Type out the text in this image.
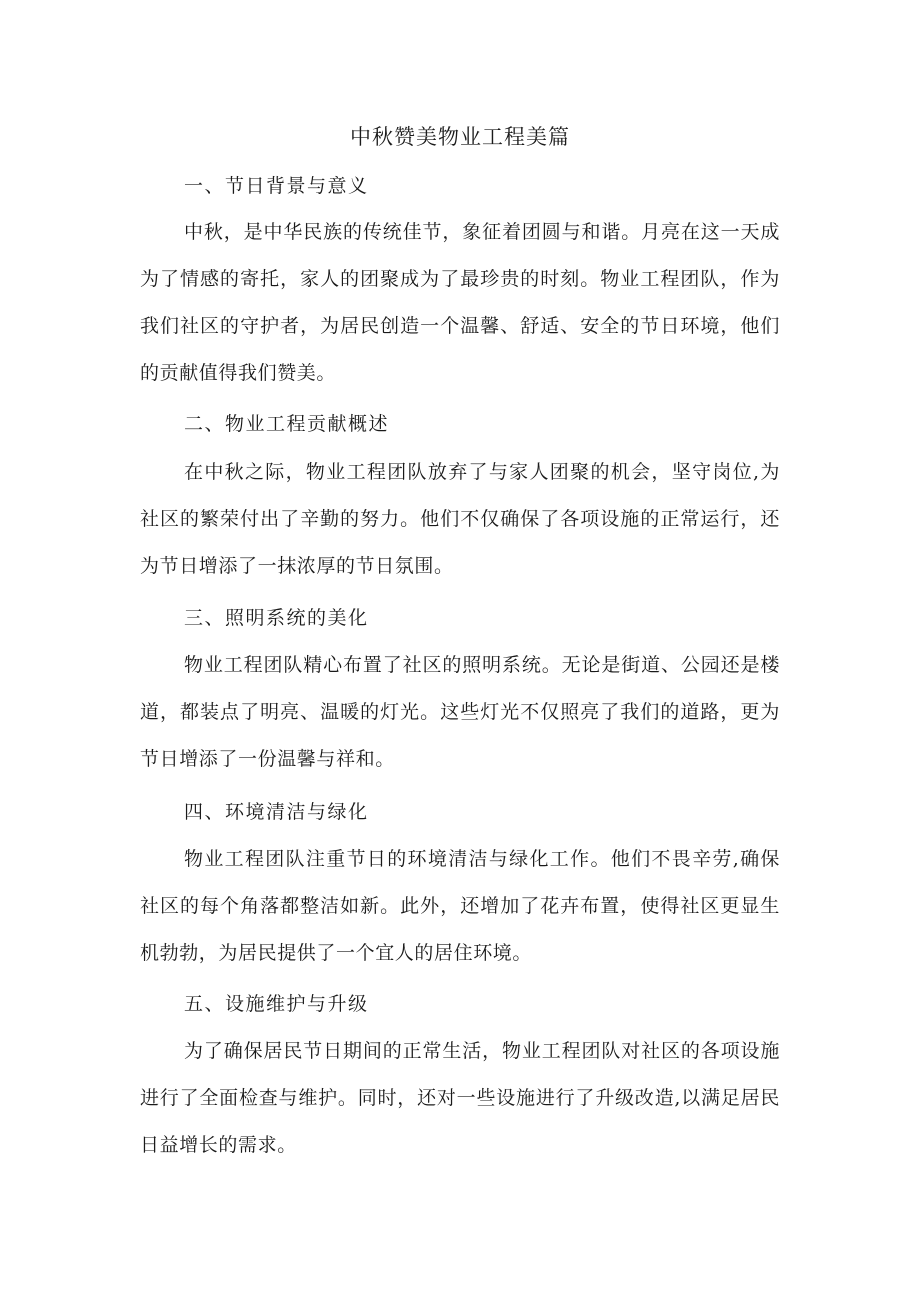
中秋赞美物业工程美篇
一、节日背景与意义
中秋，是中华民族的传统佳节，象征着团圆与和谐。月亮在这一天成
为了情感的寄托，家人的团聚成为了最珍贵的时刻。物业工程团队，作为
我们社区的守护者，为居民创造一个温馨、舒适、安全的节日环境，他们
的贡献值得我们赞美。
二、物业工程贡献概述
在中秋之际，物业工程团队放弃了与家人团聚的机会，坚守岗位,为
社区的繁荣付出了辛勤的努力。他们不仅确保了各项设施的正常运行，还
为节日增添了一抹浓厚的节日氛围。
三、照明系统的美化
物业工程团队精心布置了社区的照明系统。无论是街道、公园还是楼
道，都装点了明亮、温暖的灯光。这些灯光不仅照亮了我们的道路，更为
节日增添了一份温馨与祥和。
四、环境清洁与绿化
物业工程团队注重节日的环境清洁与绿化工作。他们不畏辛劳,确保
社区的每个角落都整洁如新。此外，还增加了花卉布置，使得社区更显生
机勃勃，为居民提供了一个宜人的居住环境。
五、设施维护与升级
为了确保居民节日期间的正常生活，物业工程团队对社区的各项设施
进行了全面检查与维护。同时，还对一些设施进行了升级改造,以满足居民
日益增长的需求。
